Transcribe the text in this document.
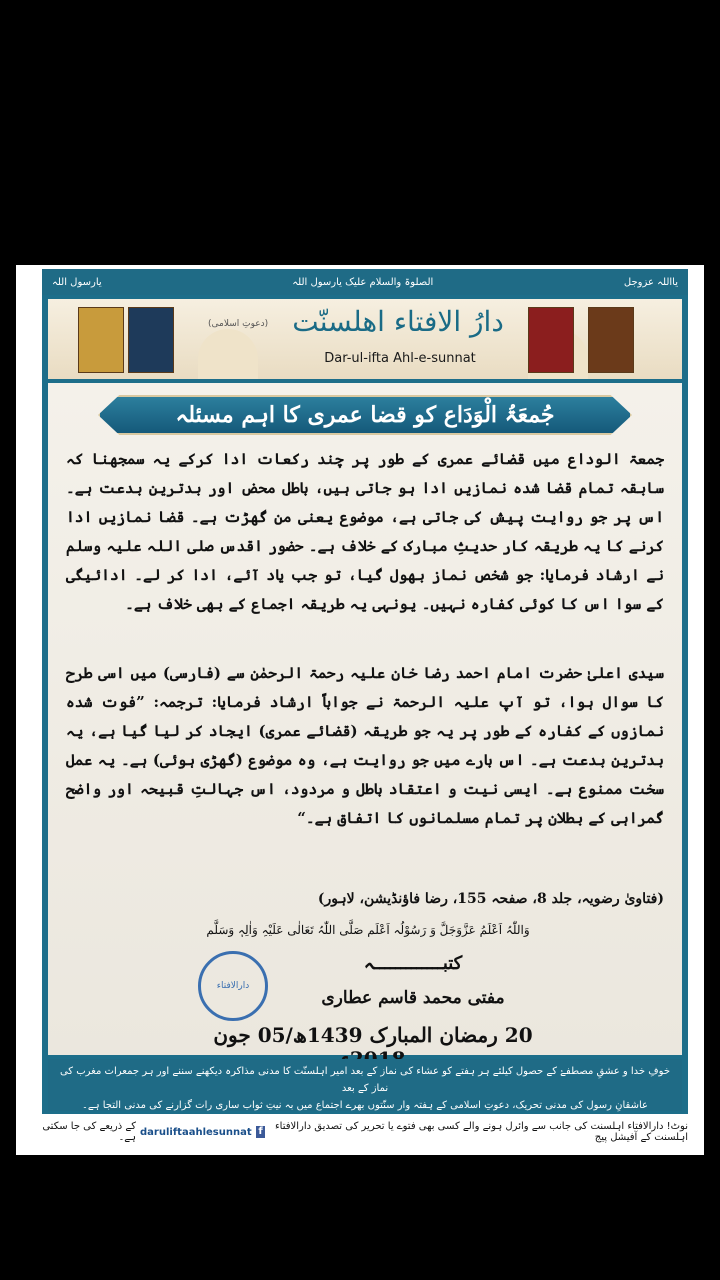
یارسول اللہ	الصلوۃ والسلام علیک یارسول اللہ	یااللہ عزوجل
دارُ الافتاء اھلسنّت
(دعوتِ اسلامی)
Dar-ul-ifta Ahl-e-sunnat
جُمعَۃُ الْوَدَاع کو قضا عمری کا اہم مسئلہ
جمعۃ الوداع میں قضائے عمری کے طور پر چند رکعات ادا کرکے یہ سمجھنا کہ سابقہ تمام قضا شدہ نمازیں ادا ہو جاتی ہیں، باطل محض اور بدترین بدعت ہے۔ اس پر جو روایت پیش کی جاتی ہے، موضوع یعنی من گھڑت ہے۔ قضا نمازیں ادا کرنے کا یہ طریقہ کار حدیثِ مبارک کے خلاف ہے۔ حضور اقدس صلی اللہ علیہ وسلم نے ارشاد فرمایا: جو شخص نماز بھول گیا، تو جب یاد آئے، ادا کر لے۔ ادائیگی کے سوا اس کا کوئی کفارہ نہیں۔ یونہی یہ طریقہ اجماع کے بھی خلاف ہے۔
سیدی اعلیٰ حضرت امام احمد رضا خان علیہ رحمۃ الرحمٰن سے (فارسی) میں اسی طرح کا سوال ہوا، تو آپ علیہ الرحمۃ نے جواباً ارشاد فرمایا: ترجمہ: ”فوت شدہ نمازوں کے کفارہ کے طور پر یہ جو طریقہ (قضائے عمری) ایجاد کر لیا گیا ہے، یہ بدترین بدعت ہے۔ اس بارے میں جو روایت ہے، وہ موضوع (گھڑی ہوئی) ہے۔ یہ عمل سخت ممنوع ہے۔ ایسی نیت و اعتقاد باطل و مردود، اس جہالتِ قبیحہ اور واضح گمراہی کے بطلان پر تمام مسلمانوں کا اتفاق ہے۔“
(فتاویٰ رضویہ، جلد 8، صفحہ 155، رضا فاؤنڈیشن، لاہور)
وَاللّٰہُ اَعْلَمُ عَزَّوَجَلَّ وَ رَسُوْلُہ اَعْلَم صَلَّی اللّٰہُ تَعَالٰی عَلَیْہِ وَاٰلِہٖ وَسَلَّم
دارالافتاء
کتبـــــــــــــہ
مفتی محمد قاسم عطاری
20 رمضان المبارک 1439ھ/05 جون
خوفِ خدا و عشقِ مصطفےٰ کے حصول کیلئے ہر ہفتے کو عشاء کی نماز کے بعد امیر اہلسنّت کا مدنی مذاکرہ دیکھنے سننے اور ہر جمعرات مغرب کی نماز کے بعد
عاشقانِ رسول کی مدنی تحریک، دعوتِ اسلامی کے ہفتہ وار سنّتوں بھرے اجتماع میں بہ نیتِ ثواب ساری رات گزارنے کی مدنی التجا ہے۔
نوٹ! دارالافتاء اہلسنت کی جانب سے وائرل ہونے والے کسی بھی فتوے یا تحریر کی تصدیق دارالافتاء اہلسنت کے آفیشل پیج
f
daruliftaahlesunnat
کے ذریعے کی جا سکتی ہے۔
